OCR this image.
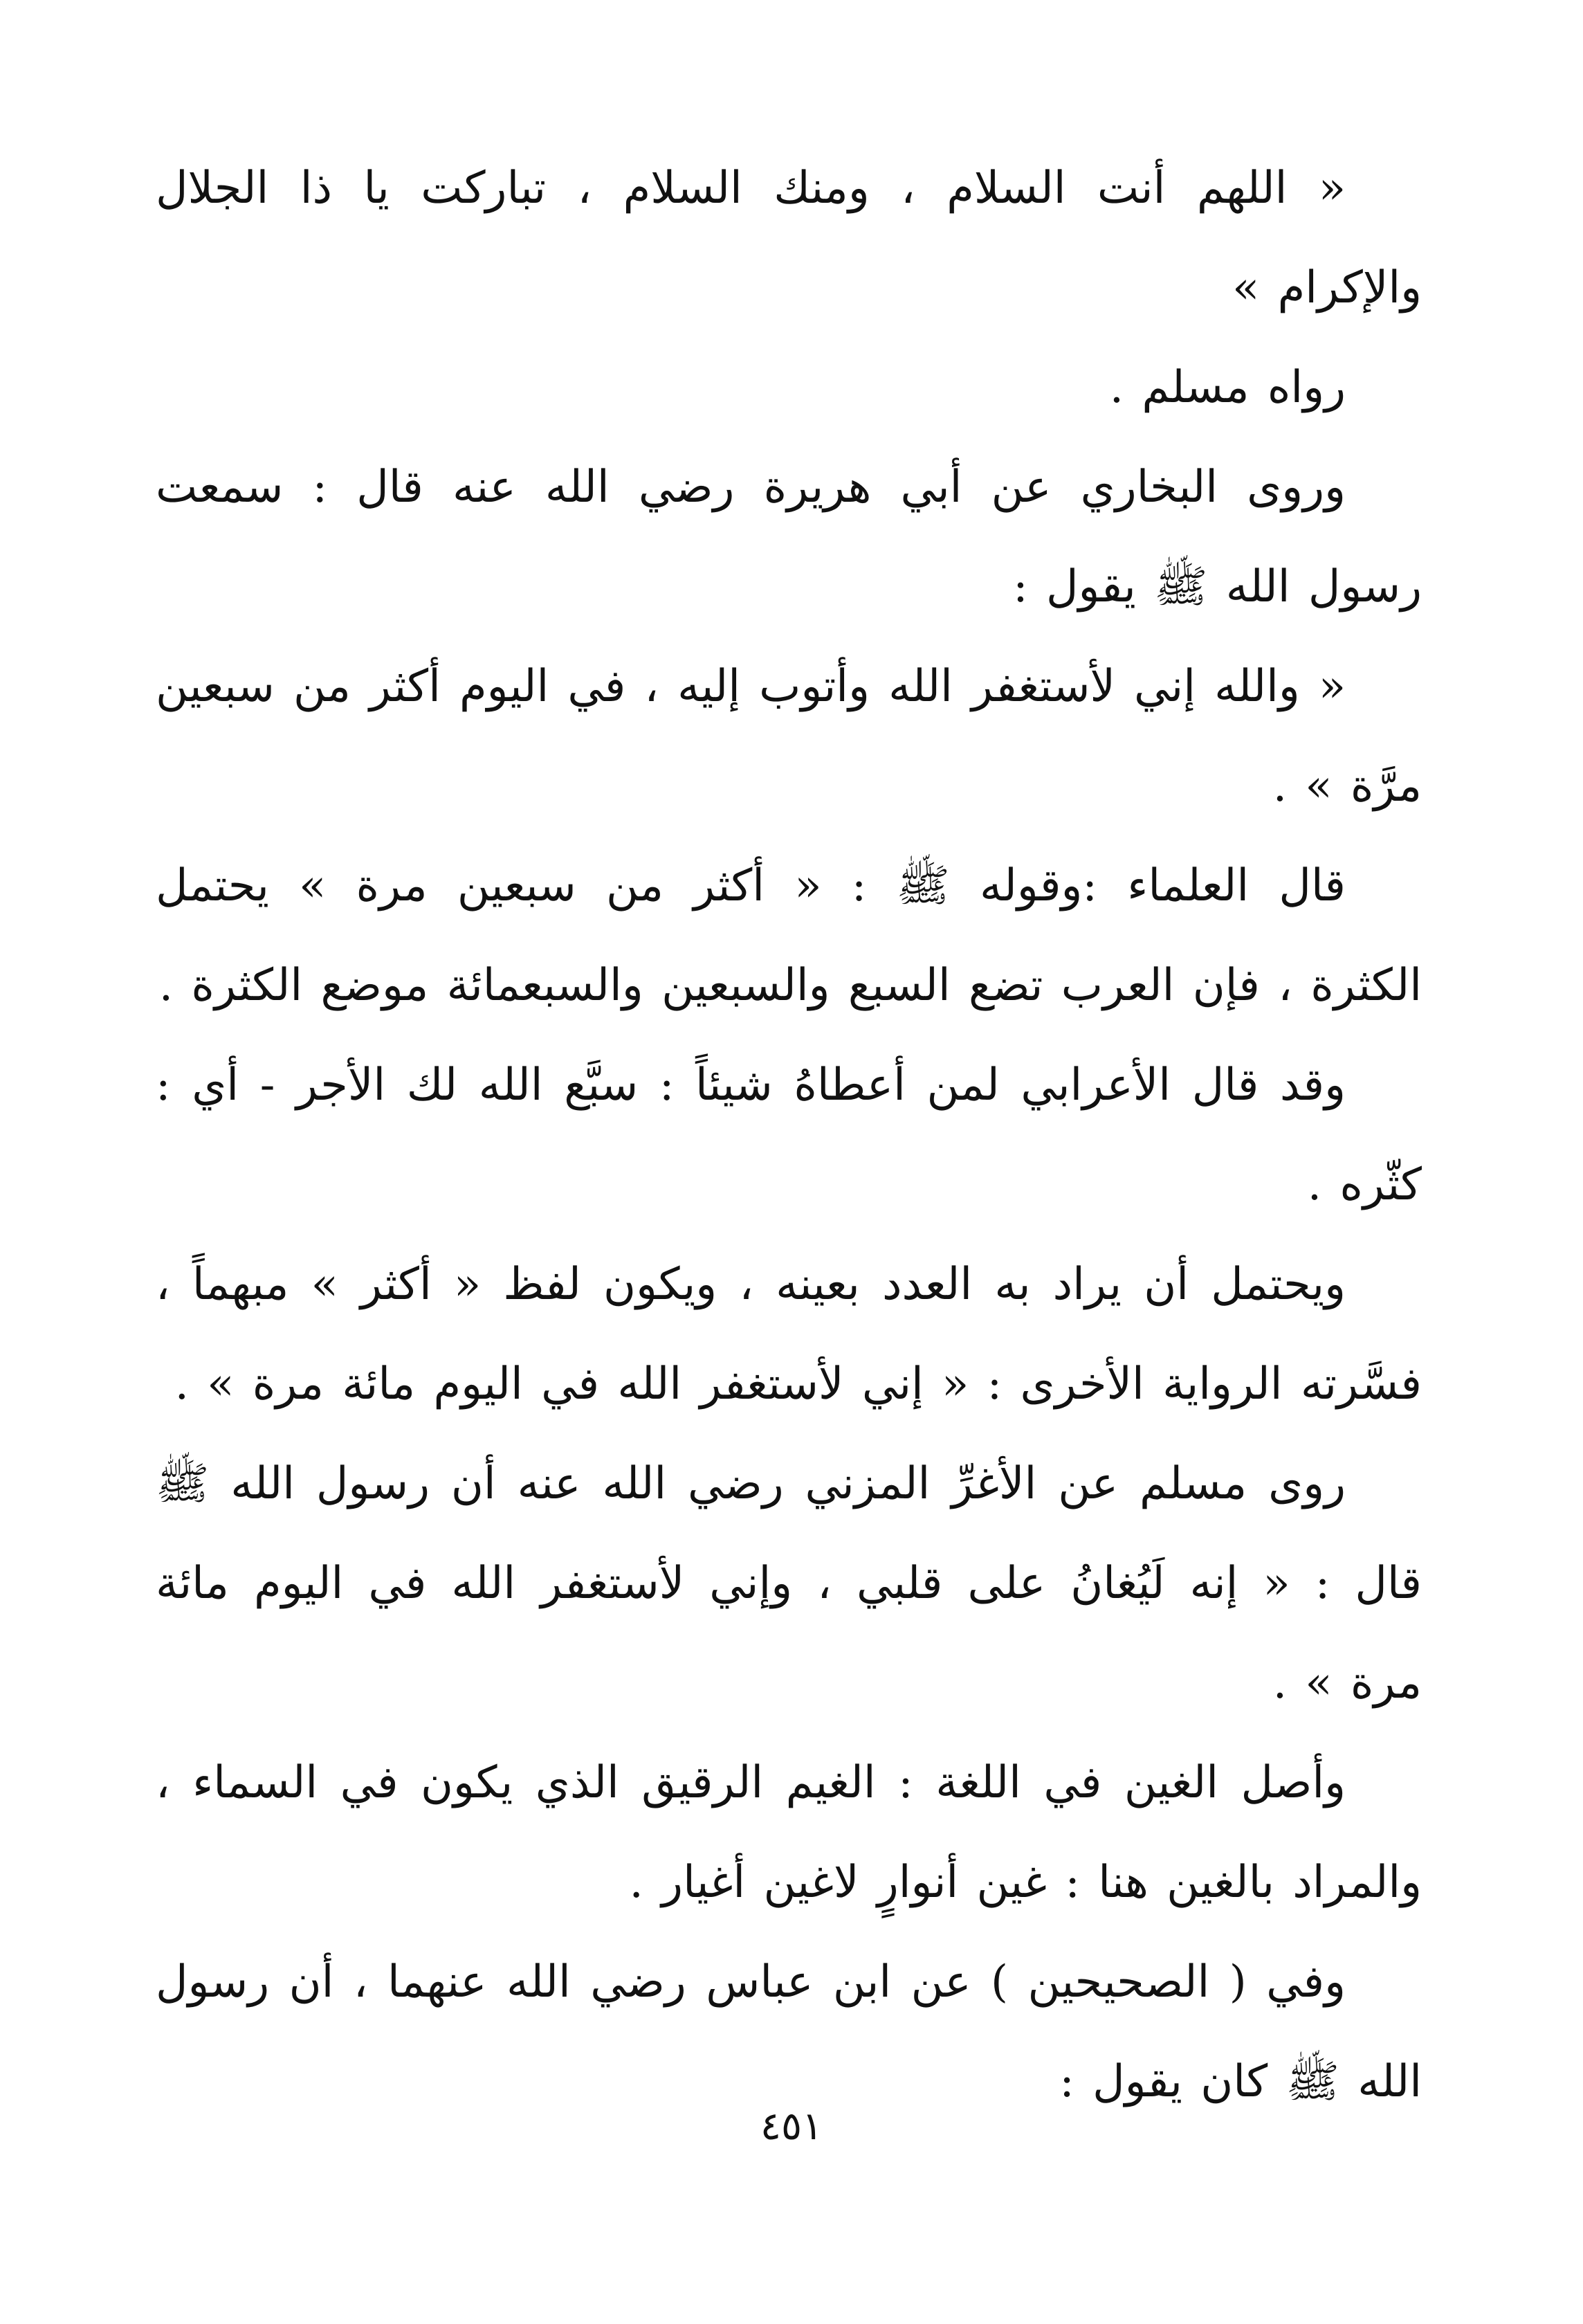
« اللهم أنت السلام ، ومنك السلام ، تباركت يا ذا الجلال والإكرام »

رواه مسلم .

وروى البخاري عن أبي هريرة رضي الله عنه قال : سمعت رسول الله ﷺ يقول :

« والله إني لأستغفر الله وأتوب إليه ، في اليوم أكثر من سبعين مرَّة » .

قال العلماء :وقوله ﷺ : « أكثر من سبعين مرة » يحتمل الكثرة ، فإن العرب تضع السبع والسبعين والسبعمائة موضع الكثرة .

وقد قال الأعرابي لمن أعطاهُ شيئاً : سبَّع الله لك الأجر - أي : كثّره .

ويحتمل أن يراد به العدد بعينه ، ويكون لفظ « أكثر » مبهماً ، فسَّرته الرواية الأخرى : « إني لأستغفر الله في اليوم مائة مرة » .

روى مسلم عن الأغرِّ المزني رضي الله عنه أن رسول الله ﷺ قال : « إنه لَيُغانُ على قلبي ، وإني لأستغفر الله في اليوم مائة مرة » .

وأصل الغين في اللغة : الغيم الرقيق الذي يكون في السماء ، والمراد بالغين هنا : غين أنوارٍ لاغين أغيار .

وفي ( الصحيحين ) عن ابن عباس رضي الله عنهما ، أن رسول الله ﷺ كان يقول :

٤٥١
